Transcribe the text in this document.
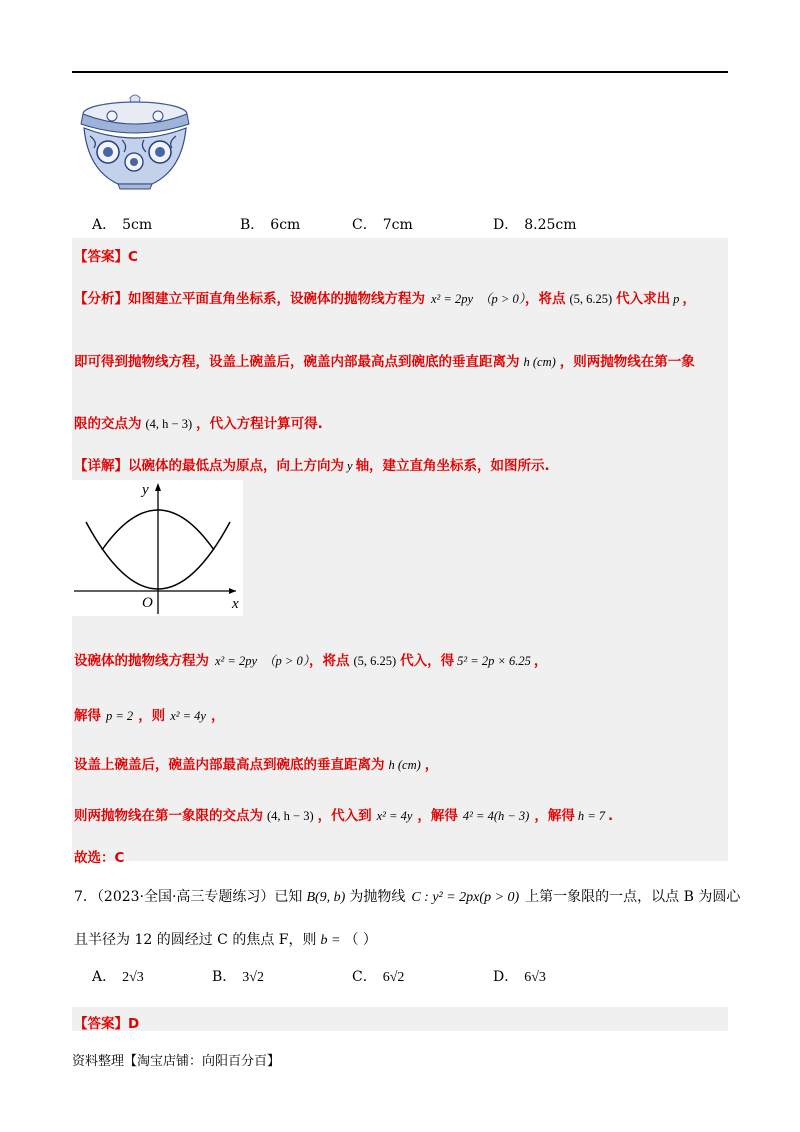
A． 5cm	B． 6cm	C． 7cm	D． 8.25cm
【答案】C
【分析】如图建立平面直角坐标系，设碗体的抛物线方程为 x² = 2py （p > 0），将点 (5, 6.25) 代入求出 p ，
即可得到抛物线方程，设盖上碗盖后，碗盖内部最高点到碗底的垂直距离为 h (cm) ，则两抛物线在第一象
限的交点为 (4, h − 3) ，代入方程计算可得.
【详解】以碗体的最低点为原点，向上方向为 y 轴，建立直角坐标系，如图所示.
y
x
O
设碗体的抛物线方程为 x² = 2py （p > 0），将点 (5, 6.25) 代入，得 5² = 2p × 6.25 ，
解得 p = 2 ，则 x² = 4y ，
设盖上碗盖后，碗盖内部最高点到碗底的垂直距离为 h (cm) ，
则两抛物线在第一象限的交点为 (4, h − 3) ，代入到 x² = 4y ，解得 4² = 4(h − 3) ，解得 h = 7 .
故选：C
7．（2023·全国·高三专题练习）已知 B(9, b) 为抛物线 C : y² = 2px(p > 0) 上第一象限的一点，以点 B 为圆心
且半径为 12 的圆经过 C 的焦点 F，则 b = （ ）
A． 2√3	B． 3√2	C． 6√2	D． 6√3
【答案】D
资料整理【淘宝店铺：向阳百分百】
